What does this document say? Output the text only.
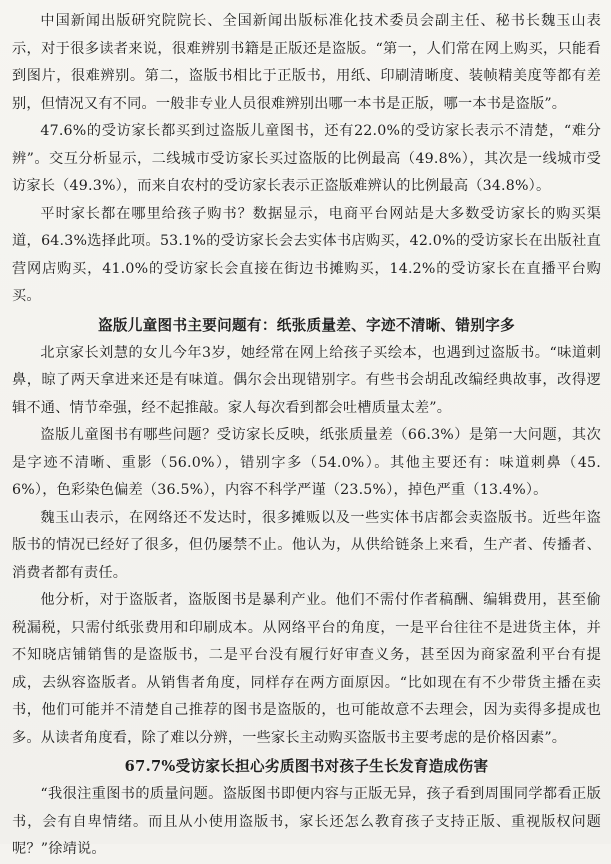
中国新闻出版研究院院长、全国新闻出版标准化技术委员会副主任、秘书长魏玉山表示，对于很多读者来说，很难辨别书籍是正版还是盗版。“第一，人们常在网上购买，只能看到图片，很难辨别。第二，盗版书相比于正版书，用纸、印刷清晰度、装帧精美度等都有差别，但情况又有不同。一般非专业人员很难辨别出哪一本书是正版，哪一本书是盗版”。

47.6%的受访家长都买到过盗版儿童图书，还有22.0%的受访家长表示不清楚，“难分辨”。交互分析显示，二线城市受访家长买过盗版的比例最高（49.8%），其次是一线城市受访家长（49.3%），而来自农村的受访家长表示正盗版难辨认的比例最高（34.8%）。

平时家长都在哪里给孩子购书？数据显示，电商平台网站是大多数受访家长的购买渠道，64.3%选择此项。53.1%的受访家长会去实体书店购买，42.0%的受访家长在出版社直营网店购买，41.0%的受访家长会直接在街边书摊购买，14.2%的受访家长在直播平台购买。

盗版儿童图书主要问题有：纸张质量差、字迹不清晰、错别字多

北京家长刘慧的女儿今年3岁，她经常在网上给孩子买绘本，也遇到过盗版书。“味道刺鼻，晾了两天拿进来还是有味道。偶尔会出现错别字。有些书会胡乱改编经典故事，改得逻辑不通、情节牵强，经不起推敲。家人每次看到都会吐槽质量太差”。

盗版儿童图书有哪些问题？受访家长反映，纸张质量差（66.3%）是第一大问题，其次是字迹不清晰、重影（56.0%），错别字多（54.0%）。其他主要还有：味道刺鼻（45.6%），色彩染色偏差（36.5%），内容不科学严谨（23.5%），掉色严重（13.4%）。

魏玉山表示，在网络还不发达时，很多摊贩以及一些实体书店都会卖盗版书。近些年盗版书的情况已经好了很多，但仍屡禁不止。他认为，从供给链条上来看，生产者、传播者、消费者都有责任。

他分析，对于盗版者，盗版图书是暴利产业。他们不需付作者稿酬、编辑费用，甚至偷税漏税，只需付纸张费用和印刷成本。从网络平台的角度，一是平台往往不是进货主体，并不知晓店铺销售的是盗版书，二是平台没有履行好审查义务，甚至因为商家盈利平台有提成，去纵容盗版者。从销售者角度，同样存在两方面原因。“比如现在有不少带货主播在卖书，他们可能并不清楚自己推荐的图书是盗版的，也可能故意不去理会，因为卖得多提成也多。从读者角度看，除了难以分辨，一些家长主动购买盗版书主要考虑的是价格因素”。

67.7%受访家长担心劣质图书对孩子生长发育造成伤害

“我很注重图书的质量问题。盗版图书即便内容与正版无异，孩子看到周围同学都看正版书，会有自卑情绪。而且从小使用盗版书，家长还怎么教育孩子支持正版、重视版权问题呢？”徐靖说。
